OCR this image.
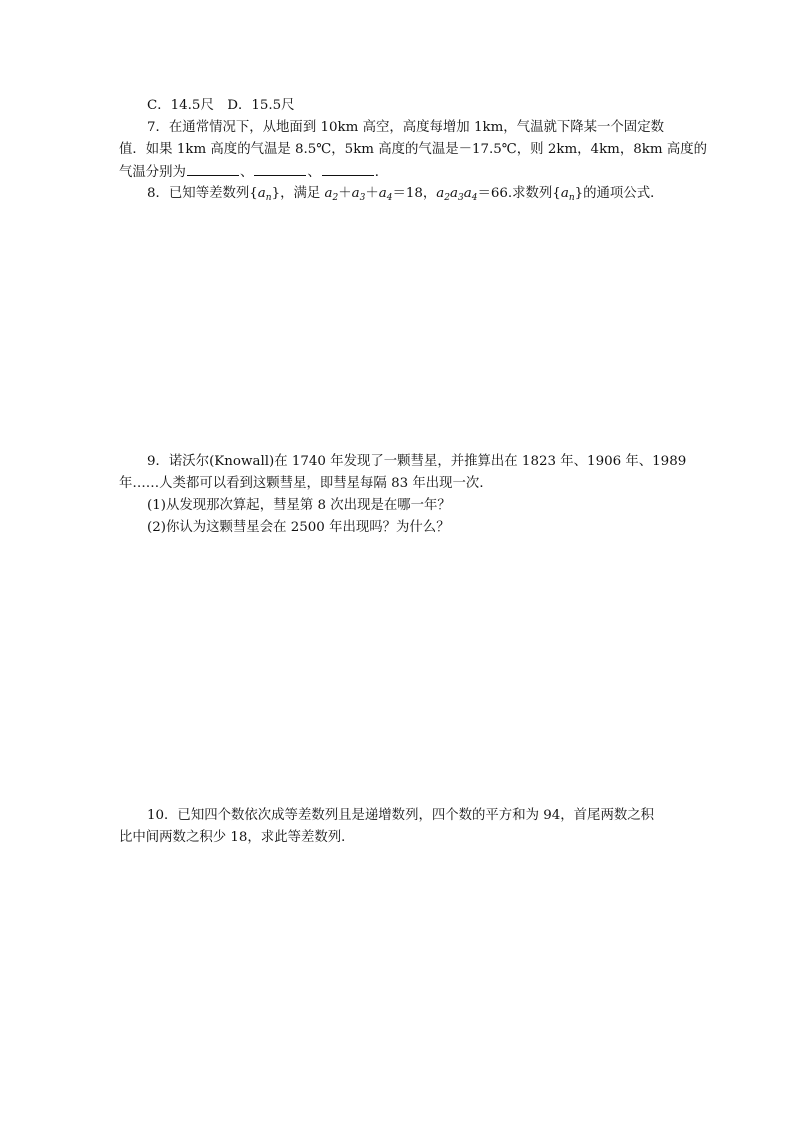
C．14.5尺　D．15.5尺
7．在通常情况下，从地面到 10km 高空，高度每增加 1km，气温就下降某一个固定数
值．如果 1km 高度的气温是 8.5℃，5km 高度的气温是－17.5℃，则 2km，4km，8km 高度的
气温分别为	、	、	．
8．已知等差数列$\{a_n\}$，满足 $a_2+a_3+a_4=18$，$a_2a_3a_4=66$.求数列$\{a_n\}$的通项公式．
9．诺沃尔(Knowall)在 1740 年发现了一颗彗星，并推算出在 1823 年、1906 年、1989
年……人类都可以看到这颗彗星，即彗星每隔 83 年出现一次．
(1)从发现那次算起，彗星第 8 次出现是在哪一年？
(2)你认为这颗彗星会在 2500 年出现吗？为什么？
10．已知四个数依次成等差数列且是递增数列，四个数的平方和为 94，首尾两数之积
比中间两数之积少 18，求此等差数列．
